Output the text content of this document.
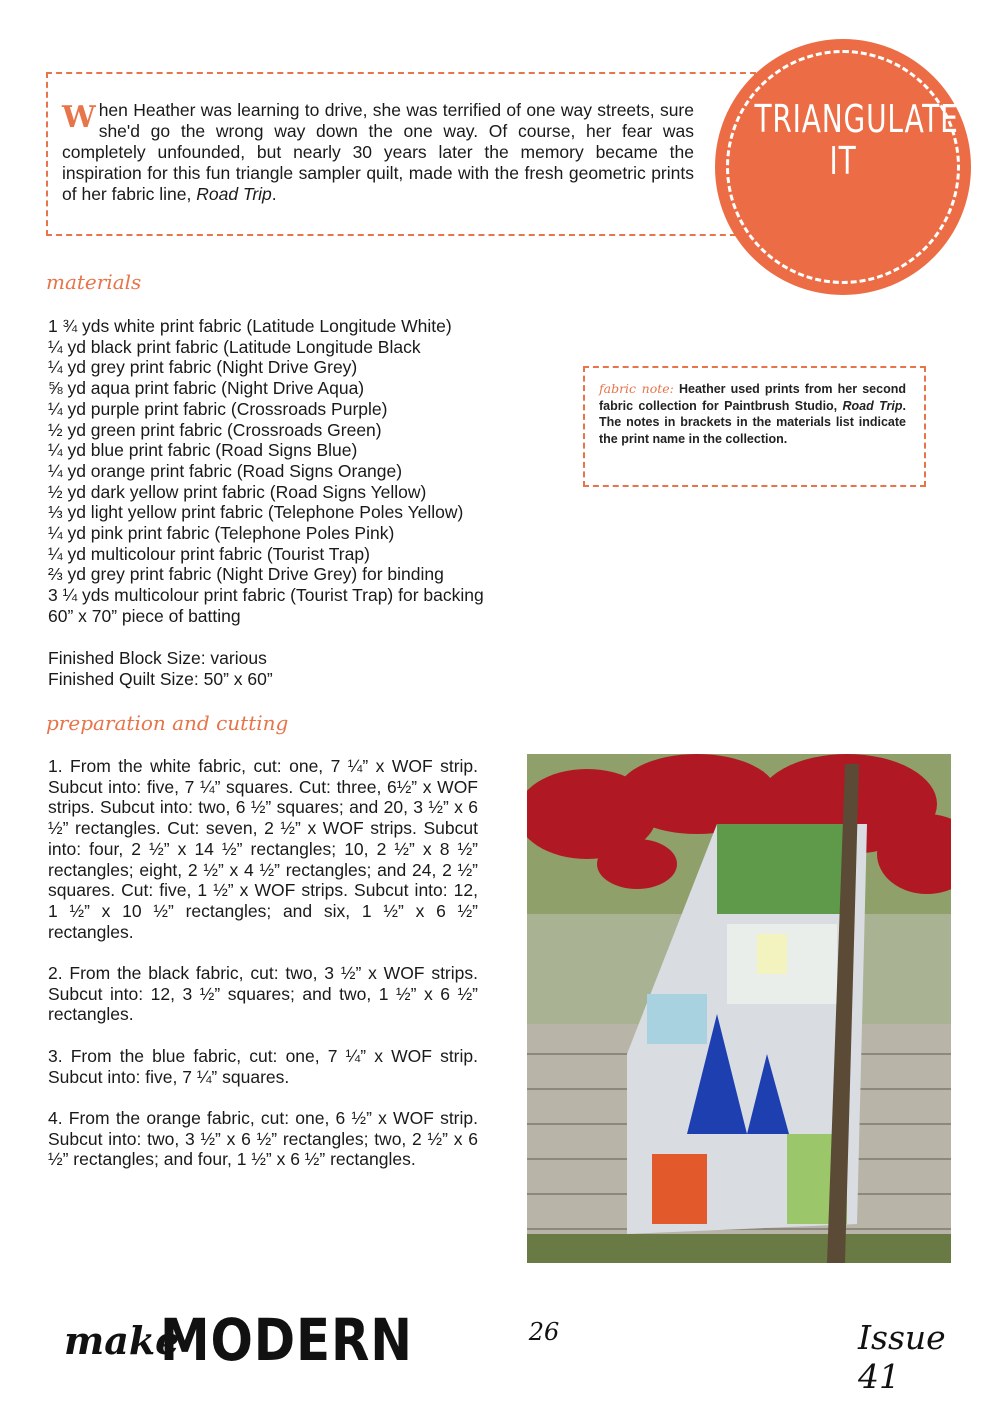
When Heather was learning to drive, she was terrified of one way streets, sure she'd go the wrong way down the one way. Of course, her fear was completely unfounded, but nearly 30 years later the memory became the inspiration for this fun triangle sampler quilt, made with the fresh geometric prints of her fabric line, Road Trip.
TRIANGULATE IT
materials
1 ¾ yds white print fabric (Latitude Longitude White)
¼ yd black print fabric (Latitude Longitude Black
¼ yd grey print fabric (Night Drive Grey)
⅝ yd aqua print fabric (Night Drive Aqua)
¼ yd purple print fabric (Crossroads Purple)
½ yd green print fabric (Crossroads Green)
¼ yd blue print fabric (Road Signs Blue)
¼ yd orange print fabric (Road Signs Orange)
½ yd dark yellow print fabric (Road Signs Yellow)
⅓ yd light yellow print fabric (Telephone Poles Yellow)
¼ yd pink print fabric (Telephone Poles Pink)
¼ yd multicolour print fabric (Tourist Trap)
⅔ yd grey print fabric (Night Drive Grey) for binding
3 ¼ yds multicolour print fabric (Tourist Trap) for backing
60” x 70” piece of batting
Finished Block Size: various
Finished Quilt Size: 50” x 60”
fabric note: Heather used prints from her second fabric collection for Paintbrush Studio, Road Trip. The notes in brackets in the materials list indicate the print name in the collection.
preparation and cutting

1. From the white fabric, cut: one, 7 ¼” x WOF strip. Subcut into: five, 7 ¼” squares. Cut: three, 6½” x WOF strips. Subcut into: two, 6 ½” squares; and 20, 3 ½” x 6 ½” rectangles. Cut: seven, 2 ½” x WOF strips. Subcut into: four, 2 ½” x 14 ½” rectangles; 10, 2 ½” x 8 ½” rectangles; eight, 2 ½” x 4 ½” rectangles; and 24, 2 ½” squares. Cut: five, 1 ½” x WOF strips. Subcut into: 12, 1 ½” x 10 ½” rectangles; and six, 1 ½” x 6 ½” rectangles.

2. From the black fabric, cut: two, 3 ½” x WOF strips. Subcut into: 12, 3 ½” squares; and two, 1 ½” x 6 ½” rectangles.

3. From the blue fabric, cut: one, 7 ¼” x WOF strip. Subcut into: five, 7 ¼” squares.

4. From the orange fabric, cut: one, 6 ½” x WOF strip. Subcut into: two, 3 ½” x 6 ½” rectangles; two, 2 ½” x 6 ½” rectangles; and four, 1 ½” x 6 ½” rectangles.

make
MODERN	26	Issue 41
